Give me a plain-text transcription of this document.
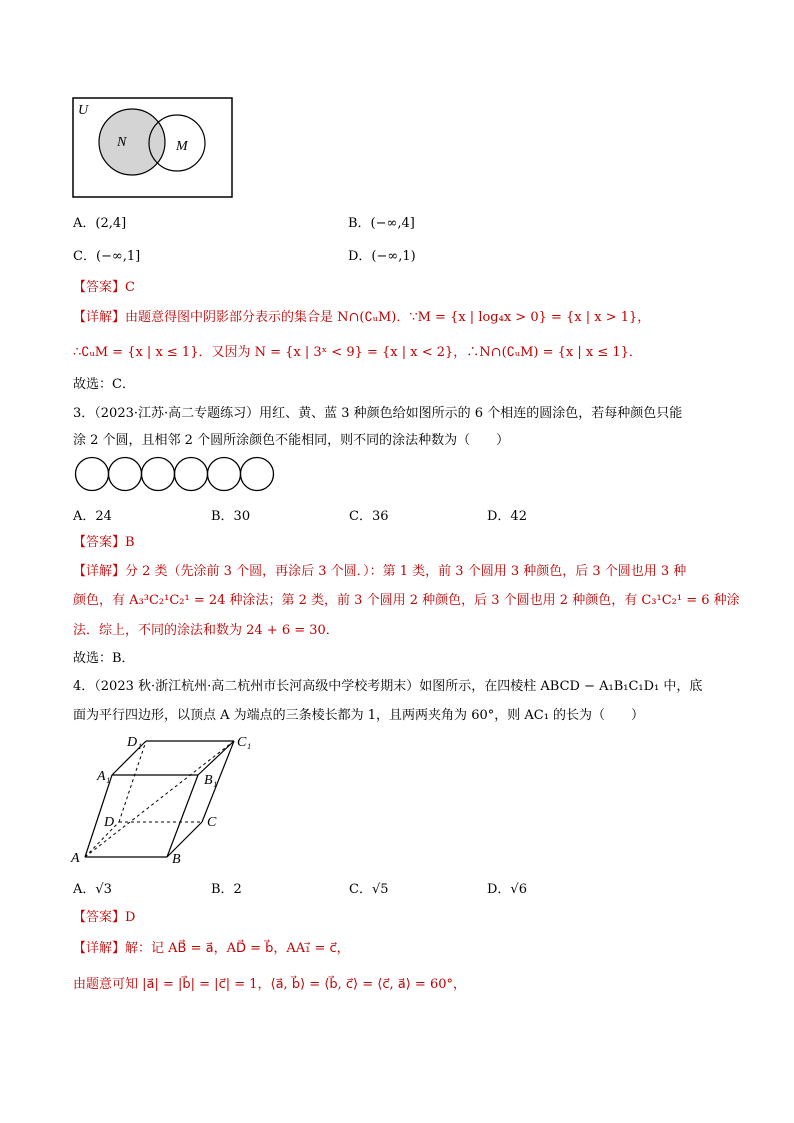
U
N	M
A．(2,4]	B．(−∞,4]
C．(−∞,1]	D．(−∞,1)
【答案】C
【详解】由题意得图中阴影部分表示的集合是 N∩(∁ᵤM)．∵M = {x | log₄x > 0} = {x | x > 1}，
∴∁ᵤM = {x | x ≤ 1}．又因为 N = {x | 3ˣ < 9} = {x | x < 2}，∴N∩(∁ᵤM) = {x | x ≤ 1}．
故选：C．
3．（2023·江苏·高二专题练习）用红、黄、蓝 3 种颜色给如图所示的 6 个相连的圆涂色，若每种颜色只能
涂 2 个圆，且相邻 2 个圆所涂颜色不能相同，则不同的涂法种数为（　　）
A．24	B．30	C．36	D．42
【答案】B
【详解】分 2 类（先涂前 3 个圆，再涂后 3 个圆．）：第 1 类，前 3 个圆用 3 种颜色，后 3 个圆也用 3 种
颜色，有 A₃³C₂¹C₂¹ = 24 种涂法；第 2 类，前 3 个圆用 2 种颜色，后 3 个圆也用 2 种颜色，有 C₃¹C₂¹ = 6 种涂
法．综上，不同的涂法和数为 24 + 6 = 30．
故选：B．
4．（2023 秋·浙江杭州·高二杭州市长河高级中学校考期末）如图所示，在四棱柱 ABCD − A₁B₁C₁D₁ 中，底
面为平行四边形，以顶点 A 为端点的三条棱长都为 1，且两两夹角为 60°，则 AC₁ 的长为（　　）
D₁	C₁
A₁	B₁
D	C
A	B
A．√3	B．2	C．√5	D．√6
【答案】D
【详解】解：记 AB⃗ = a⃗，AD⃗ = b⃗，AA₁⃗ = c⃗，
由题意可知 |a⃗| = |b⃗| = |c⃗| = 1，⟨a⃗, b⃗⟩ = ⟨b⃗, c⃗⟩ = ⟨c⃗, a⃗⟩ = 60°，
